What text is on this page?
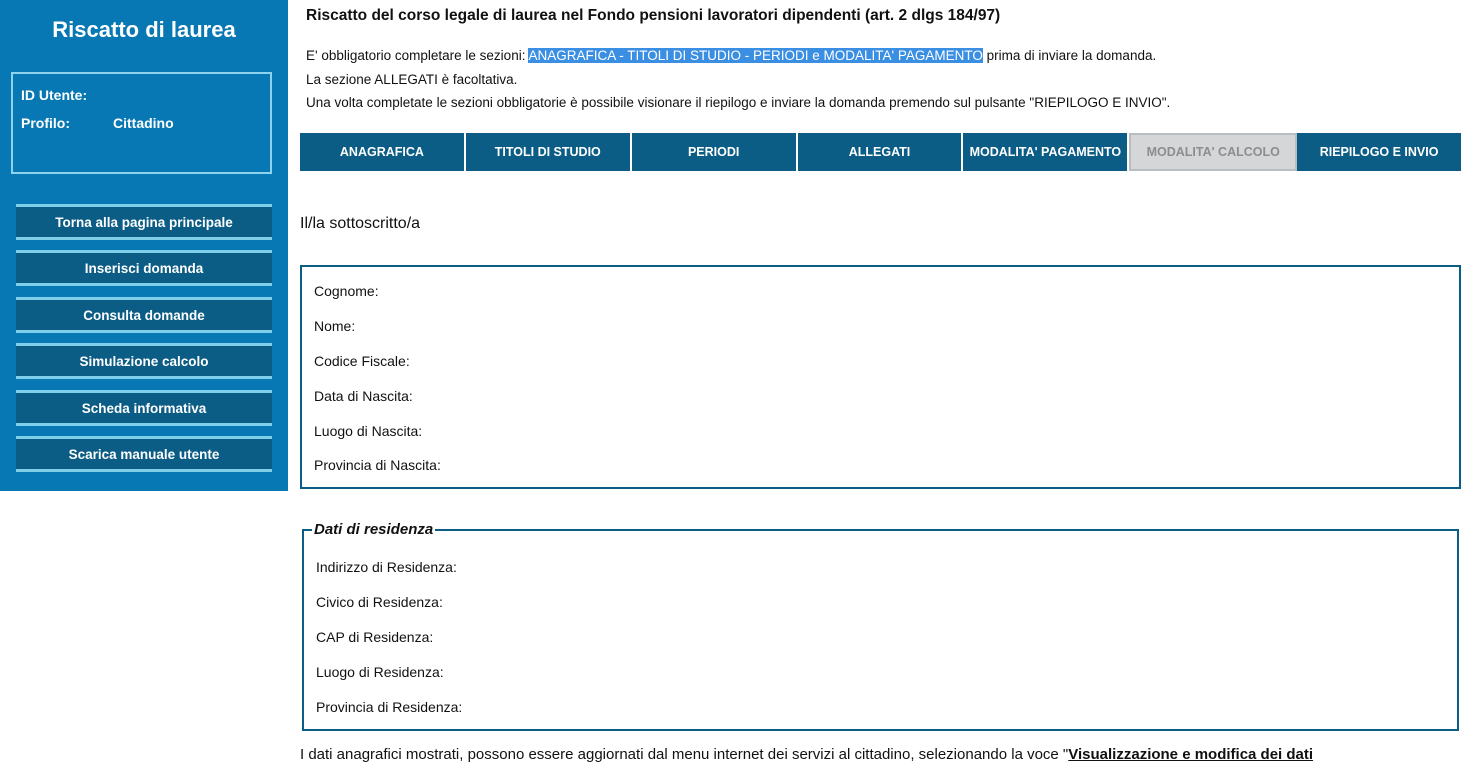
Riscatto di laurea
ID Utente:
Profilo:	Cittadino
Torna alla pagina principale
Inserisci domanda
Consulta domande
Simulazione calcolo
Scheda informativa
Scarica manuale utente
Riscatto del corso legale di laurea nel Fondo pensioni lavoratori dipendenti (art. 2 dlgs 184/97)
E' obbligatorio completare le sezioni: ANAGRAFICA - TITOLI DI STUDIO - PERIODI e MODALITA' PAGAMENTO prima di inviare la domanda.
La sezione ALLEGATI è facoltativa.
Una volta completate le sezioni obbligatorie è possibile visionare il riepilogo e inviare la domanda premendo sul pulsante "RIEPILOGO E INVIO".
ANAGRAFICA	TITOLI DI STUDIO	PERIODI	ALLEGATI	MODALITA' PAGAMENTO	MODALITA' CALCOLO	RIEPILOGO E INVIO
Il/la sottoscritto/a
Cognome:
Nome:
Codice Fiscale:
Data di Nascita:
Luogo di Nascita:
Provincia di Nascita:
Dati di residenza
Indirizzo di Residenza:
Civico di Residenza:
CAP di Residenza:
Luogo di Residenza:
Provincia di Residenza:
I dati anagrafici mostrati, possono essere aggiornati dal menu internet dei servizi al cittadino, selezionando la voce "Visualizzazione e modifica dei dati
